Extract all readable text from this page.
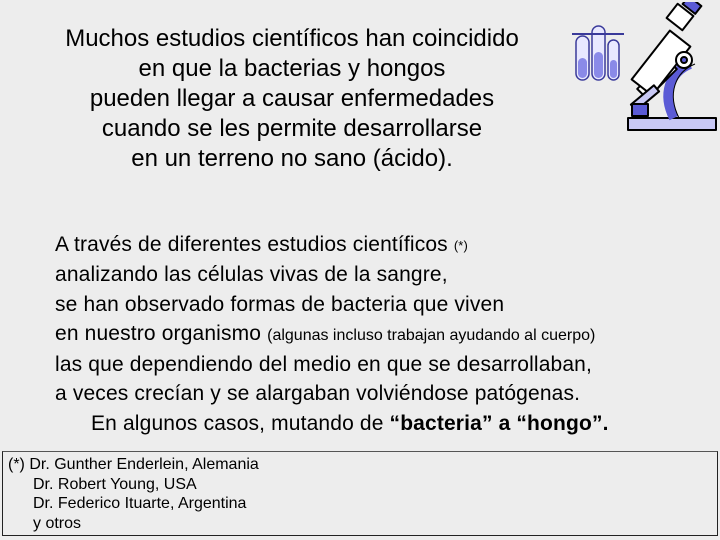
Muchos estudios científicos han coincidido
en que la bacterias y hongos
pueden llegar a causar enfermedades
cuando se les permite desarrollarse
en un terreno no sano (ácido).
A través de diferentes estudios científicos (*)
analizando las células vivas de la sangre,
se han observado formas de bacteria que viven
en nuestro organismo (algunas incluso trabajan ayudando al cuerpo)
las que dependiendo del medio en que se desarrollaban,
a veces crecían y se alargaban volviéndose patógenas.
En algunos casos, mutando de “bacteria” a “hongo”.
(*) Dr. Gunther Enderlein, Alemania
Dr. Robert Young, USA
Dr. Federico Ituarte, Argentina
y otros
